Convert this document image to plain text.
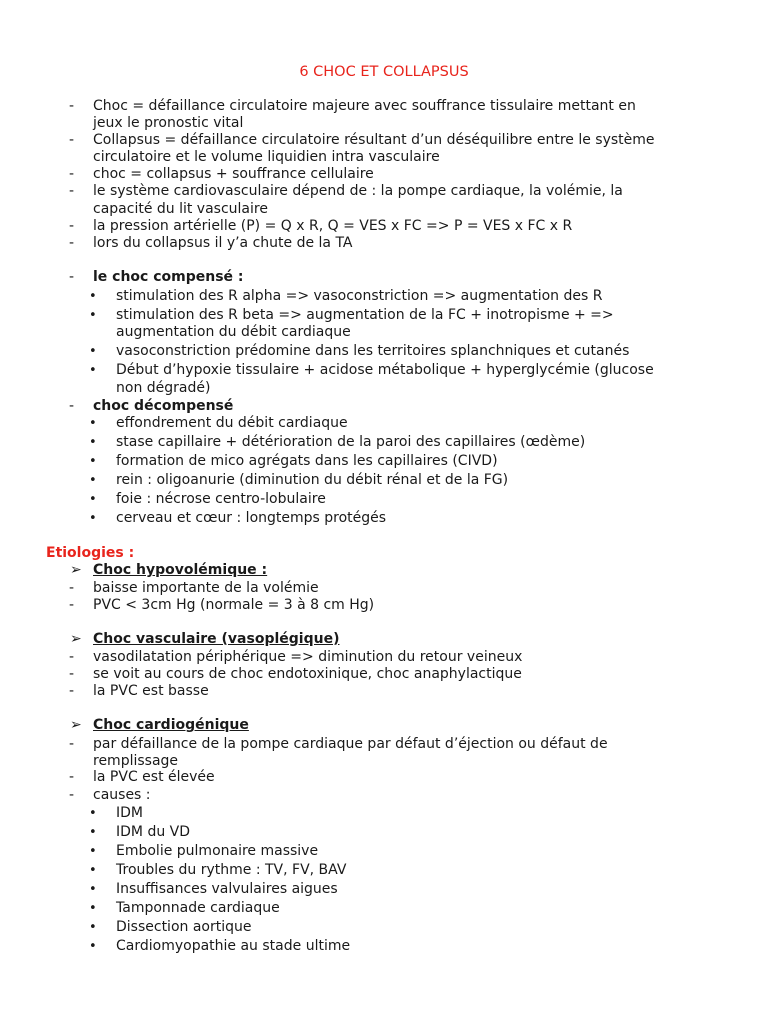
6 CHOC ET COLLAPSUS
- Choc = défaillance circulatoire majeure avec souffrance tissulaire mettant en
jeux le pronostic vital
- Collapsus = défaillance circulatoire résultant d’un déséquilibre entre le système
circulatoire et le volume liquidien intra vasculaire
- choc = collapsus + souffrance cellulaire
- le système cardiovasculaire dépend de : la pompe cardiaque, la volémie, la
capacité du lit vasculaire
- la pression artérielle (P) = Q x R, Q = VES x FC => P = VES x FC x R
- lors du collapsus il y’a chute de la TA
- le choc compensé :
• stimulation des R alpha => vasoconstriction => augmentation des R
• stimulation des R beta => augmentation de la FC + inotropisme + =>
augmentation du débit cardiaque
• vasoconstriction prédomine dans les territoires splanchniques et cutanés
• Début d’hypoxie tissulaire + acidose métabolique + hyperglycémie (glucose
non dégradé)
- choc décompensé
• effondrement du débit cardiaque
• stase capillaire + détérioration de la paroi des capillaires (œdème)
• formation de mico agrégats dans les capillaires (CIVD)
• rein : oligoanurie (diminution du débit rénal et de la FG)
• foie : nécrose centro-lobulaire
• cerveau et cœur : longtemps protégés
Etiologies :
➢ Choc hypovolémique :
- baisse importante de la volémie
- PVC < 3cm Hg (normale = 3 à 8 cm Hg)
➢ Choc vasculaire (vasoplégique)
- vasodilatation périphérique => diminution du retour veineux
- se voit au cours de choc endotoxinique, choc anaphylactique
- la PVC est basse
➢ Choc cardiogénique
- par défaillance de la pompe cardiaque par défaut d’éjection ou défaut de
remplissage
- la PVC est élevée
- causes :
• IDM
• IDM du VD
• Embolie pulmonaire massive
• Troubles du rythme : TV, FV, BAV
• Insuffisances valvulaires aigues
• Tamponnade cardiaque
• Dissection aortique
• Cardiomyopathie au stade ultime
